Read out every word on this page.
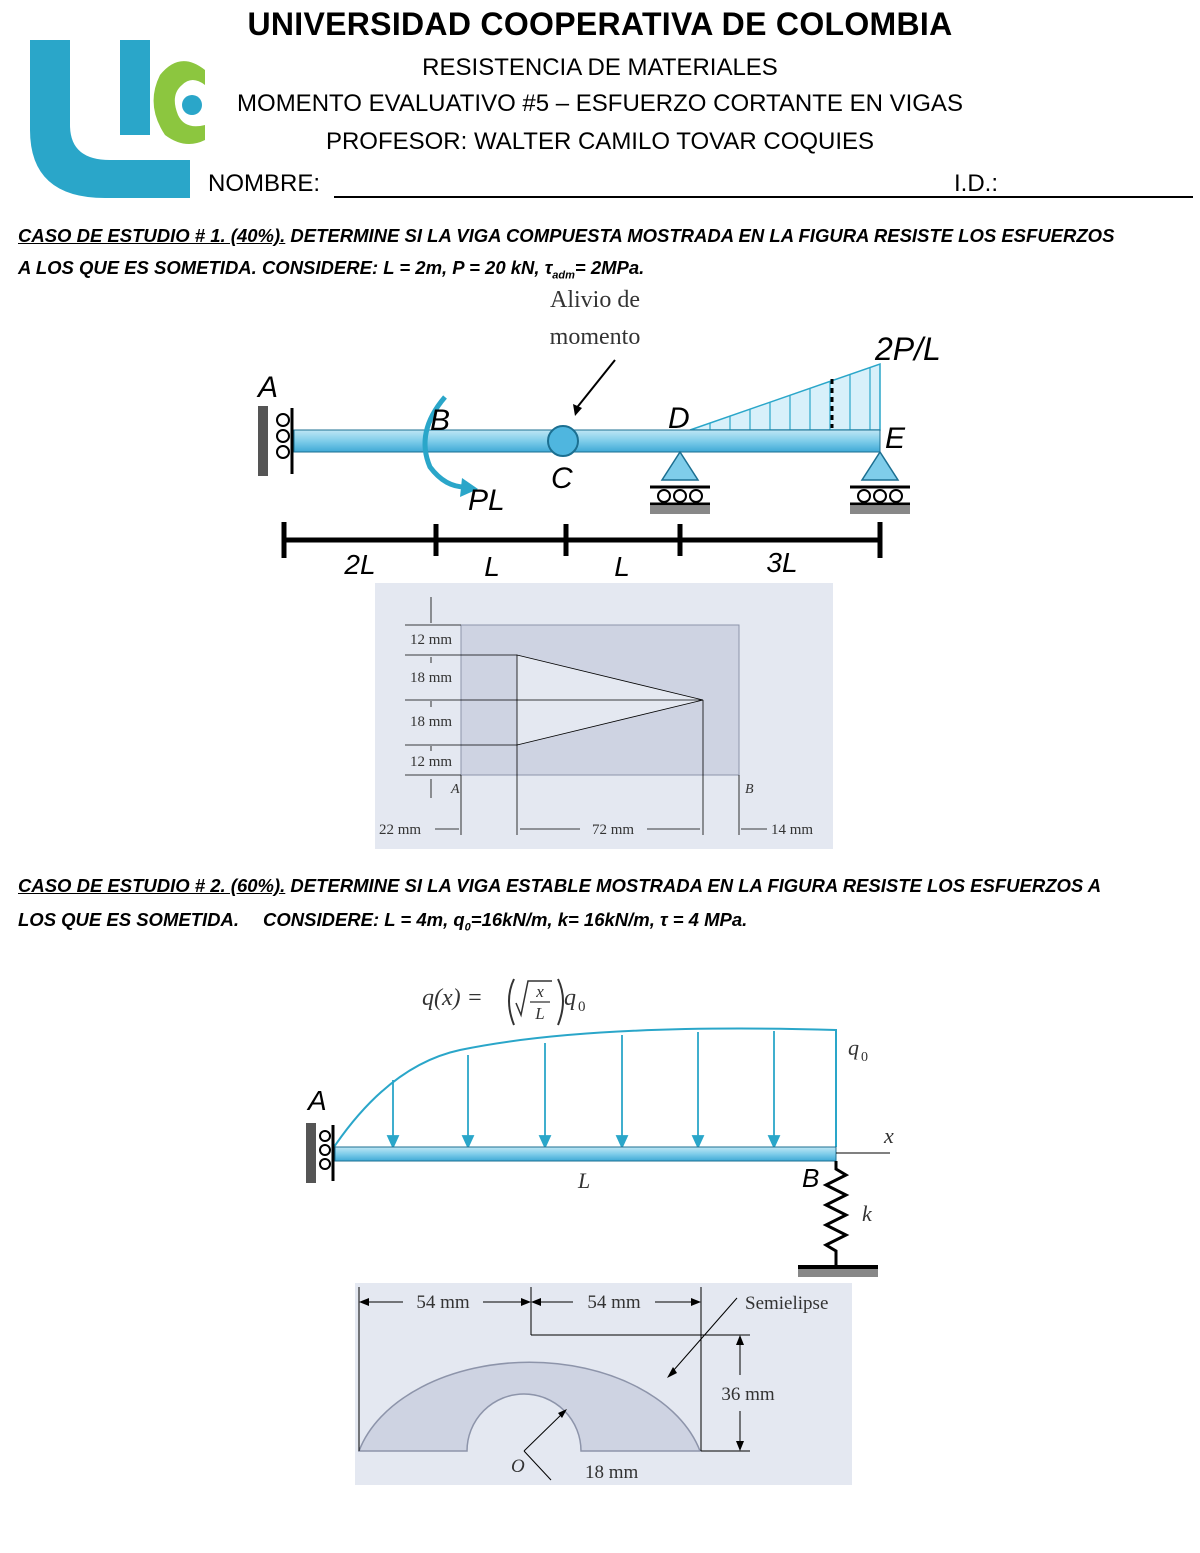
UNIVERSIDAD COOPERATIVA DE COLOMBIA
RESISTENCIA DE MATERIALES
MOMENTO EVALUATIVO #5 – ESFUERZO CORTANTE EN VIGAS
PROFESOR: WALTER CAMILO TOVAR COQUIES
NOMBRE:	I.D.:
CASO DE ESTUDIO # 1. (40%). DETERMINE SI LA VIGA COMPUESTA MOSTRADA EN LA FIGURA RESISTE LOS ESFUERZOS
A LOS QUE ES SOMETIDA. CONSIDERE: L = 2m, P = 20 kN, $\tau_{adm}= 2MPa$.
Alivio de
momento	2P/L
A
B
PL
C
D
E
2L	L	L	3L
12 mm
18 mm
18 mm
12 mm
A	B
22 mm	72 mm	14 mm
CASO DE ESTUDIO # 2. (60%). DETERMINE SI LA VIGA ESTABLE MOSTRADA EN LA FIGURA RESISTE LOS ESFUERZOS A
LOS QUE ES SOMETIDA. CONSIDERE: L = 4m, $q_0=16kN/m$, k= 16kN/m, τ = 4 MPa.
q(x) =	x
L
q 0
q 0
A
x
L	B
k
54 mm	54 mm	Semielipse
36 mm
O	18 mm
